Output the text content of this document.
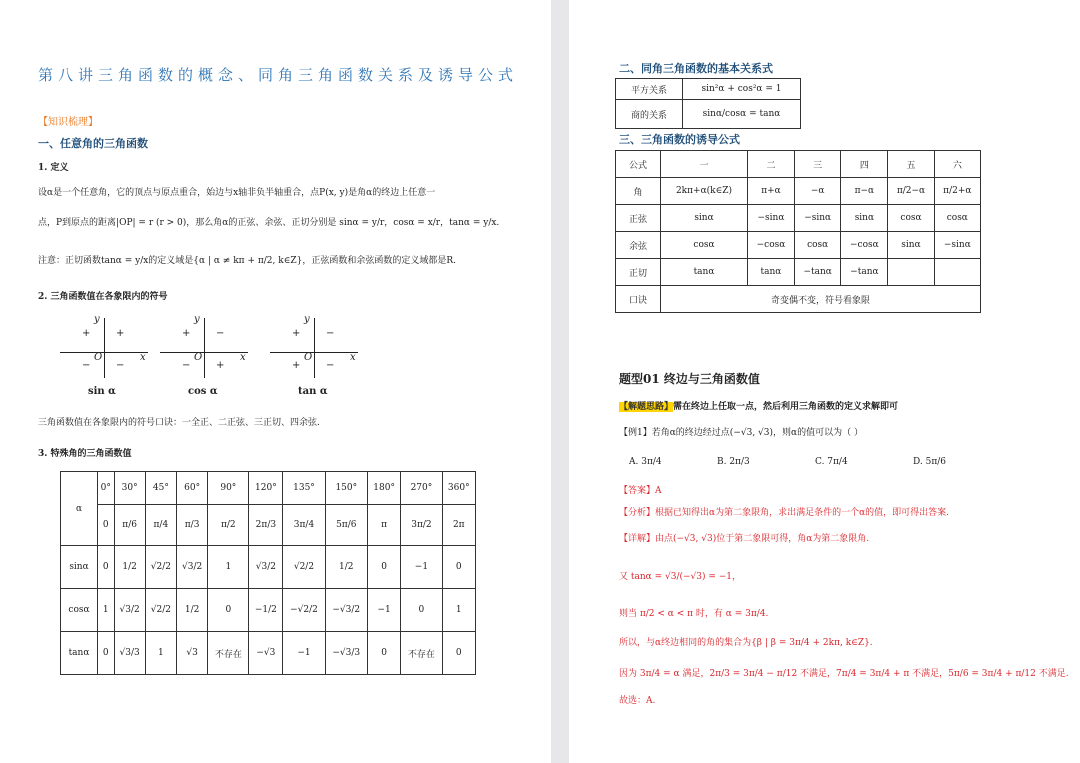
第八讲三角函数的概念、同角三角函数关系及诱导公式
【知识梳理】
一、任意角的三角函数
1. 定义
设α是一个任意角，它的顶点与原点重合，始边与x轴非负半轴重合，点P(x, y)是角α的终边上任意一
点，P到原点的距离|OP| = r (r > 0)，那么角α的正弦、余弦、正切分别是 sinα = y/r，cosα = x/r，tanα = y/x.
注意：正切函数tanα = y/x的定义域是{α | α ≠ kπ + π/2, k∈Z}，正弦函数和余弦函数的定义域都是R.
2. 三角函数值在各象限内的符号
+
+
−	−
y
x
O
sin α
−
+
−	+
y
x
O
cos α
−
+
+	−
y
x
O
tan α
三角函数值在各象限内的符号口诀：一全正、二正弦、三正切、四余弦.
3. 特殊角的三角函数值
α	0°	30°	45°	60°	90°	120°	135°	150°	180°	270°	360°
	0	π/6	π/4	π/3	π/2	2π/3	3π/4	5π/6	π	3π/2	2π
sinα	0	1/2	√2/2	√3/2	1	√3/2	√2/2	1/2	0	−1	0
cosα	1	√3/2	√2/2	1/2	0	−1/2	−√2/2	−√3/2	−1	0	1
tanα	0	√3/3	1	√3	不存在	−√3	−1	−√3/3	0	不存在	0
二、同角三角函数的基本关系式
平方关系	sin²α + cos²α = 1
商的关系	sinα/cosα = tanα
三、三角函数的诱导公式
公式	一	二	三	四	五	六
角	2kπ+α(k∈Z)	π+α	−α	π−α	π/2−α	π/2+α
正弦	sinα	−sinα	−sinα	sinα	cosα	cosα
余弦	cosα	−cosα	cosα	−cosα	sinα	−sinα
正切	tanα	tanα	−tanα	−tanα		
口诀	奇变偶不变，符号看象限					
题型01 终边与三角函数值
【解题思路】需在终边上任取一点，然后利用三角函数的定义求解即可
【例1】若角α的终边经过点(−√3, √3)，则α的值可以为（ ）
A. 3π/4	B. 2π/3	C. 7π/4	D. 5π/6
【答案】A
【分析】根据已知得出α为第二象限角，求出满足条件的一个α的值，即可得出答案.
【详解】由点(−√3, √3)位于第二象限可得，角α为第二象限角.
又 tanα = √3/(−√3) = −1，
则当 π/2 < α < π 时，有 α = 3π/4.
所以，与α终边相同的角的集合为{β | β = 3π/4 + 2kπ, k∈Z}.
因为 3π/4 = α 满足，2π/3 = 3π/4 − π/12 不满足，7π/4 = 3π/4 + π 不满足，5π/6 = 3π/4 + π/12 不满足.
故选：A.
